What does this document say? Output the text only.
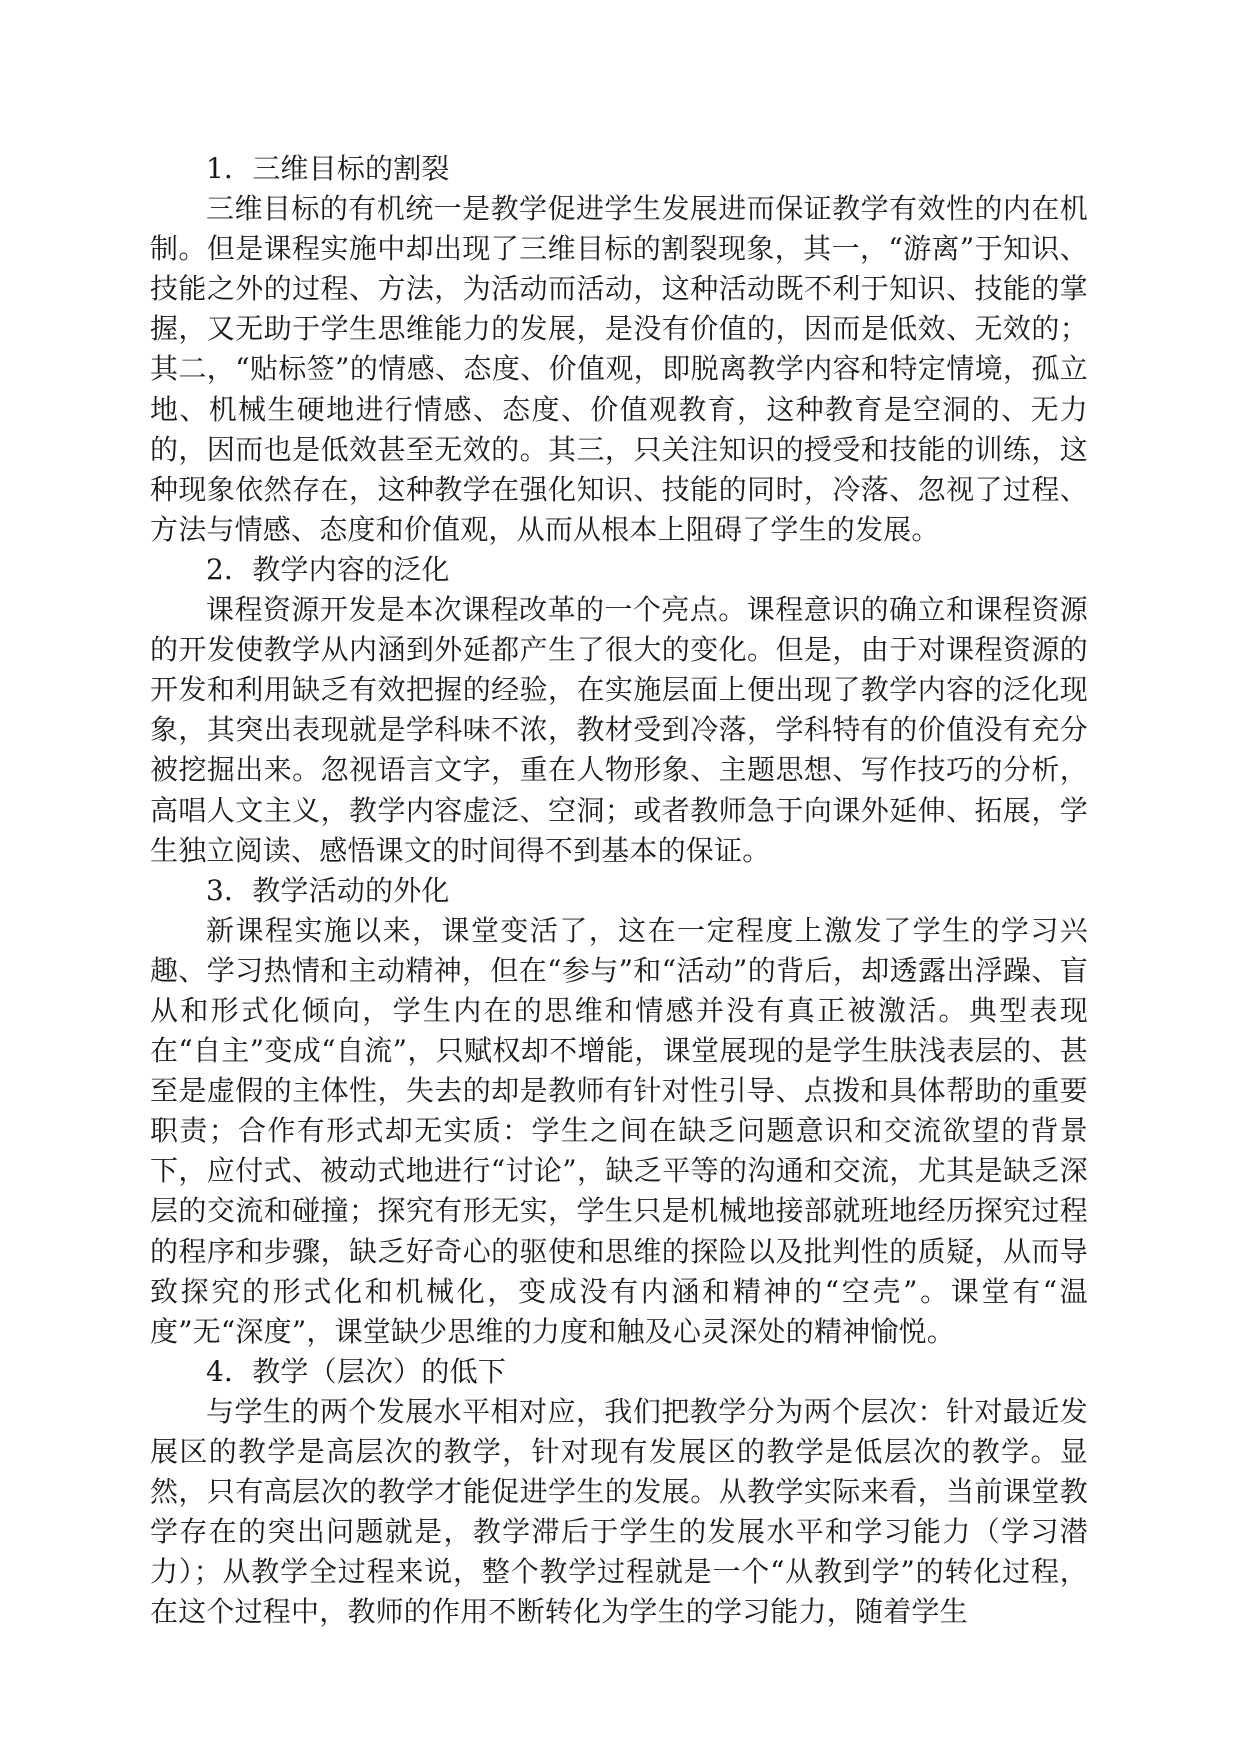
1．三维目标的割裂

三维目标的有机统一是教学促进学生发展进而保证教学有效性的内在机制。但是课程实施中却出现了三维目标的割裂现象，其一，“游离”于知识、技能之外的过程、方法，为活动而活动，这种活动既不利于知识、技能的掌握，又无助于学生思维能力的发展，是没有价值的，因而是低效、无效的；其二，“贴标签”的情感、态度、价值观，即脱离教学内容和特定情境，孤立地、机械生硬地进行情感、态度、价值观教育，这种教育是空洞的、无力的，因而也是低效甚至无效的。其三，只关注知识的授受和技能的训练，这种现象依然存在，这种教学在强化知识、技能的同时，冷落、忽视了过程、方法与情感、态度和价值观，从而从根本上阻碍了学生的发展。

2．教学内容的泛化

课程资源开发是本次课程改革的一个亮点。课程意识的确立和课程资源的开发使教学从内涵到外延都产生了很大的变化。但是，由于对课程资源的开发和利用缺乏有效把握的经验，在实施层面上便出现了教学内容的泛化现象，其突出表现就是学科味不浓，教材受到冷落，学科特有的价值没有充分被挖掘出来。忽视语言文字，重在人物形象、主题思想、写作技巧的分析，高唱人文主义，教学内容虚泛、空洞；或者教师急于向课外延伸、拓展，学生独立阅读、感悟课文的时间得不到基本的保证。

3．教学活动的外化

新课程实施以来，课堂变活了，这在一定程度上激发了学生的学习兴趣、学习热情和主动精神，但在“参与”和“活动”的背后，却透露出浮躁、盲从和形式化倾向，学生内在的思维和情感并没有真正被激活。典型表现在“自主”变成“自流”，只赋权却不增能，课堂展现的是学生肤浅表层的、甚至是虚假的主体性，失去的却是教师有针对性引导、点拨和具体帮助的重要职责；合作有形式却无实质：学生之间在缺乏问题意识和交流欲望的背景下，应付式、被动式地进行“讨论”，缺乏平等的沟通和交流，尤其是缺乏深层的交流和碰撞；探究有形无实，学生只是机械地接部就班地经历探究过程的程序和步骤，缺乏好奇心的驱使和思维的探险以及批判性的质疑，从而导致探究的形式化和机械化，变成没有内涵和精神的“空壳”。课堂有“温度”无“深度”，课堂缺少思维的力度和触及心灵深处的精神愉悦。

4．教学（层次）的低下

与学生的两个发展水平相对应，我们把教学分为两个层次：针对最近发展区的教学是高层次的教学，针对现有发展区的教学是低层次的教学。显然，只有高层次的教学才能促进学生的发展。从教学实际来看，当前课堂教学存在的突出问题就是，教学滞后于学生的发展水平和学习能力（学习潜力）；从教学全过程来说，整个教学过程就是一个“从教到学”的转化过程，在这个过程中，教师的作用不断转化为学生的学习能力，随着学生
